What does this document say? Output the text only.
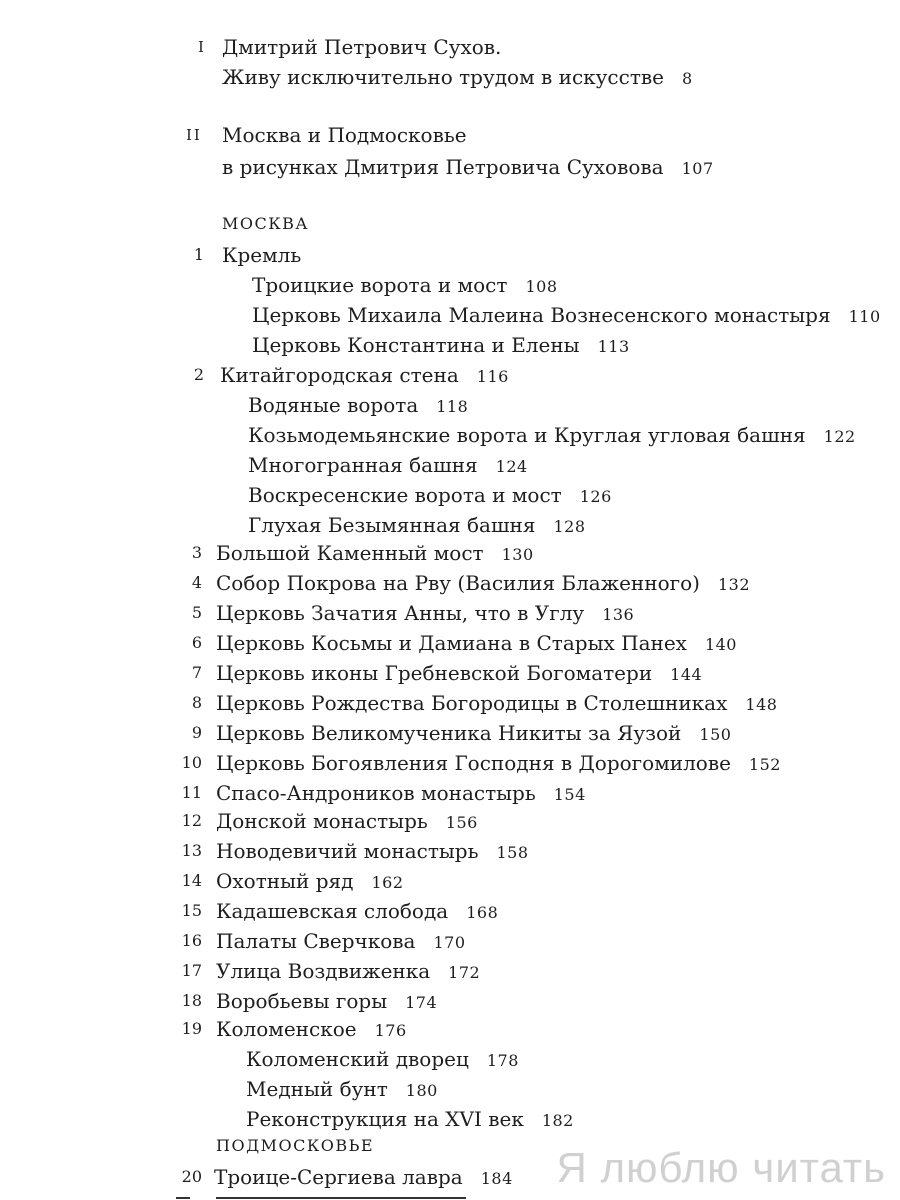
I Дмитрий Петрович Сухов.
Живу исключительно трудом в искусстве 8
II Москва и Подмосковье
в рисунках Дмитрия Петровича Суховова 107
МОСКВА
1 Кремль
Троицкие ворота и мост 108
Церковь Михаила Малеина Вознесенского монастыря 110
Церковь Константина и Елены 113
2 Китайгородская стена 116
Водяные ворота 118
Козьмодемьянские ворота и Круглая угловая башня 122
Многогранная башня 124
Воскресенские ворота и мост 126
Глухая Безымянная башня 128
3 Большой Каменный мост 130
4 Собор Покрова на Рву (Василия Блаженного) 132
5 Церковь Зачатия Анны, что в Углу 136
6 Церковь Косьмы и Дамиана в Старых Панех 140
7 Церковь иконы Гребневской Богоматери 144
8 Церковь Рождества Богородицы в Столешниках 148
9 Церковь Великомученика Никиты за Яузой 150
10 Церковь Богоявления Господня в Дорогомилове 152
11 Спасо-Андроников монастырь 154
12 Донской монастырь 156
13 Новодевичий монастырь 158
14 Охотный ряд 162
15 Кадашевская слобода 168
16 Палаты Сверчкова 170
17 Улица Воздвиженка 172
18 Воробьевы горы 174
19 Коломенское 176
Коломенский дворец 178
Медный бунт 180
Реконструкция на XVI век 182
ПОДМОСКОВЬЕ
20 Троице-Сергиева лавра 184 Я люблю читать
